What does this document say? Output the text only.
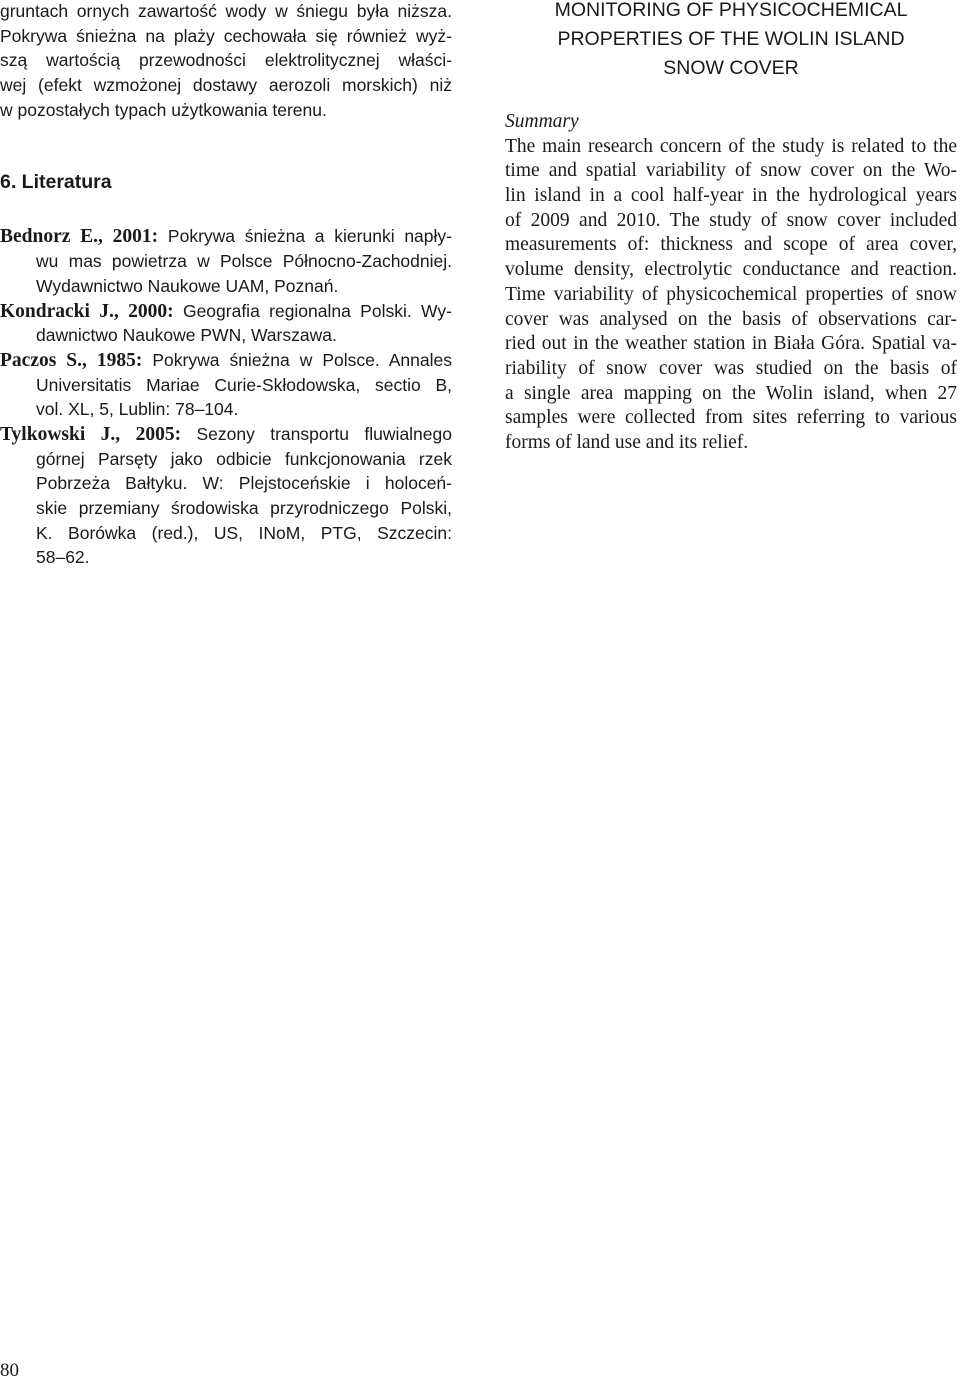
gruntach ornych zawartość wody w śniegu była niższa.
Pokrywa śnieżna na plaży cechowała się również wyż-
szą wartością przewodności elektrolitycznej właści-
wej (efekt wzmożonej dostawy aerozoli morskich) niż
w pozostałych typach użytkowania terenu.
6. Literatura
Bednorz E., 2001: Pokrywa śnieżna a kierunki napły-
wu mas powietrza w Polsce Północno-Zachodniej.
Wydawnictwo Naukowe UAM, Poznań.
Kondracki J., 2000: Geografia regionalna Polski. Wy-
dawnictwo Naukowe PWN, Warszawa.
Paczos S., 1985: Pokrywa śnieżna w Polsce. Annales
Universitatis Mariae Curie-Skłodowska, sectio B,
vol. XL, 5, Lublin: 78–104.
Tylkowski J., 2005: Sezony transportu fluwialnego
górnej Parsęty jako odbicie funkcjonowania rzek
Pobrzeża Bałtyku. W: Plejstoceńskie i holoceń-
skie przemiany środowiska przyrodniczego Polski,
K. Borówka (red.), US, INoM, PTG, Szczecin:
58–62.
MONITORING OF PHYSICOCHEMICAL
PROPERTIES OF THE WOLIN ISLAND
SNOW COVER
Summary
The main research concern of the study is related to the
time and spatial variability of snow cover on the Wo-
lin island in a cool half-year in the hydrological years
of 2009 and 2010. The study of snow cover included
measurements of: thickness and scope of area cover,
volume density, electrolytic conductance and reaction.
Time variability of physicochemical properties of snow
cover was analysed on the basis of observations car-
ried out in the weather station in Biała Góra. Spatial va-
riability of snow cover was studied on the basis of
a single area mapping on the Wolin island, when 27
samples were collected from sites referring to various
forms of land use and its relief.
80
